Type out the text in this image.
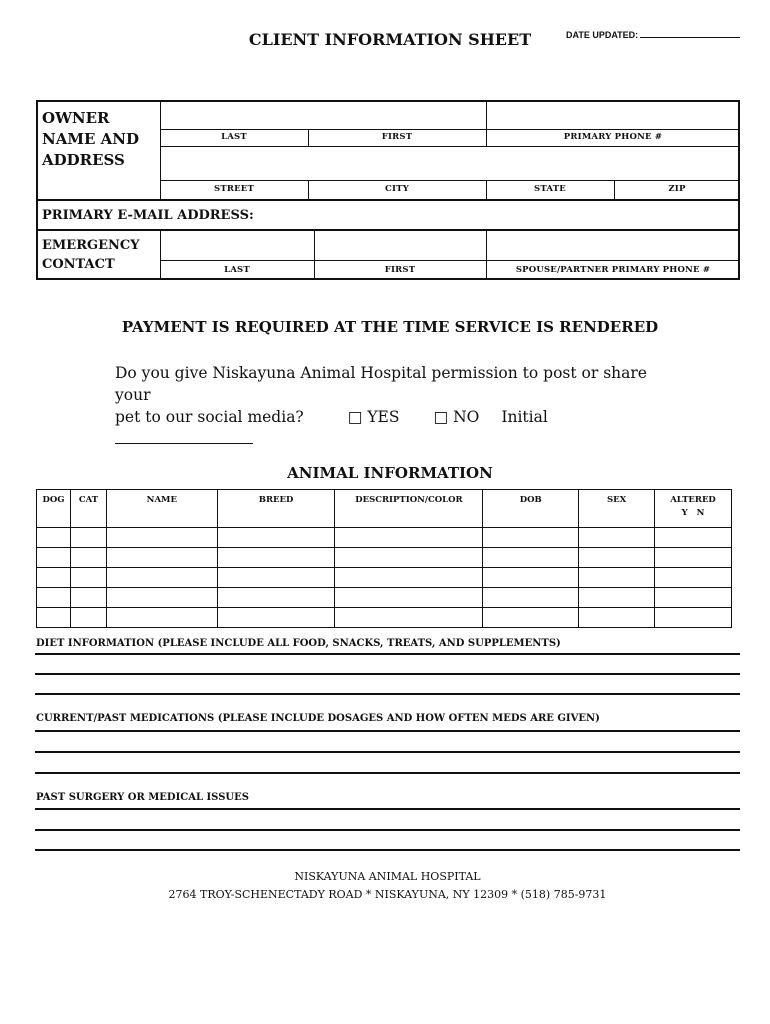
CLIENT INFORMATION SHEET	DATE UPDATED:
OWNER
NAME AND
ADDRESS
LAST	FIRST	PRIMARY PHONE #
STREET	CITY	STATE	ZIP
PRIMARY E-MAIL ADDRESS:
EMERGENCY
CONTACT	LAST	FIRST	SPOUSE/PARTNER PRIMARY PHONE #
PAYMENT IS REQUIRED AT THE TIME SERVICE IS RENDERED
Do you give Niskayuna Animal Hospital permission to post or share your
pet to our social media?	□ YES □ NO Initial
ANIMAL INFORMATION
DOG	CAT	NAME	BREED	DESCRIPTION/COLOR	DOB	SEX	ALTERED
Y   N

DIET INFORMATION (PLEASE INCLUDE ALL FOOD, SNACKS, TREATS, AND SUPPLEMENTS)
CURRENT/PAST MEDICATIONS (PLEASE INCLUDE DOSAGES AND HOW OFTEN MEDS ARE GIVEN)
PAST SURGERY OR MEDICAL ISSUES
NISKAYUNA ANIMAL HOSPITAL
2764 TROY-SCHENECTADY ROAD * NISKAYUNA, NY 12309 * (518) 785-9731
